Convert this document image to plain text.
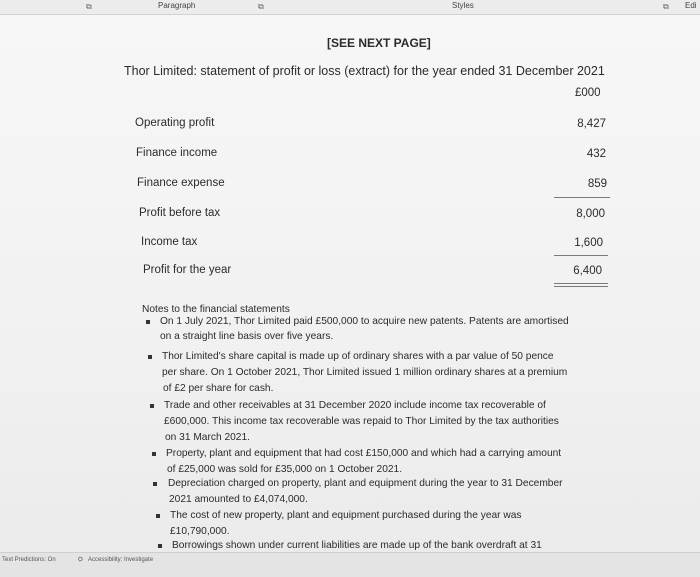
⧉	Paragraph	⧉	Styles	⧉ Edi
[SEE NEXT PAGE]
Thor Limited: statement of profit or loss (extract) for the year ended 31 December 2021
£000
Operating profit	8,427
Finance income	432
Finance expense	859
Profit before tax	8,000
Income tax	1,600
Profit for the year	6,400
Notes to the financial statements
On 1 July 2021, Thor Limited paid £500,000 to acquire new patents. Patents are amortised
on a straight line basis over five years.
Thor Limited's share capital is made up of ordinary shares with a par value of 50 pence
per share. On 1 October 2021, Thor Limited issued 1 million ordinary shares at a premium
of £2 per share for cash.
Trade and other receivables at 31 December 2020 include income tax recoverable of
£600,000. This income tax recoverable was repaid to Thor Limited by the tax authorities
on 31 March 2021.
Property, plant and equipment that had cost £150,000 and which had a carrying amount
of £25,000 was sold for £35,000 on 1 October 2021.
Depreciation charged on property, plant and equipment during the year to 31 December
2021 amounted to £4,074,000.
The cost of new property, plant and equipment purchased during the year was
£10,790,000.
Borrowings shown under current liabilities are made up of the bank overdraft at 31
Text Predictions: On	⛭ Accessibility: Investigate
